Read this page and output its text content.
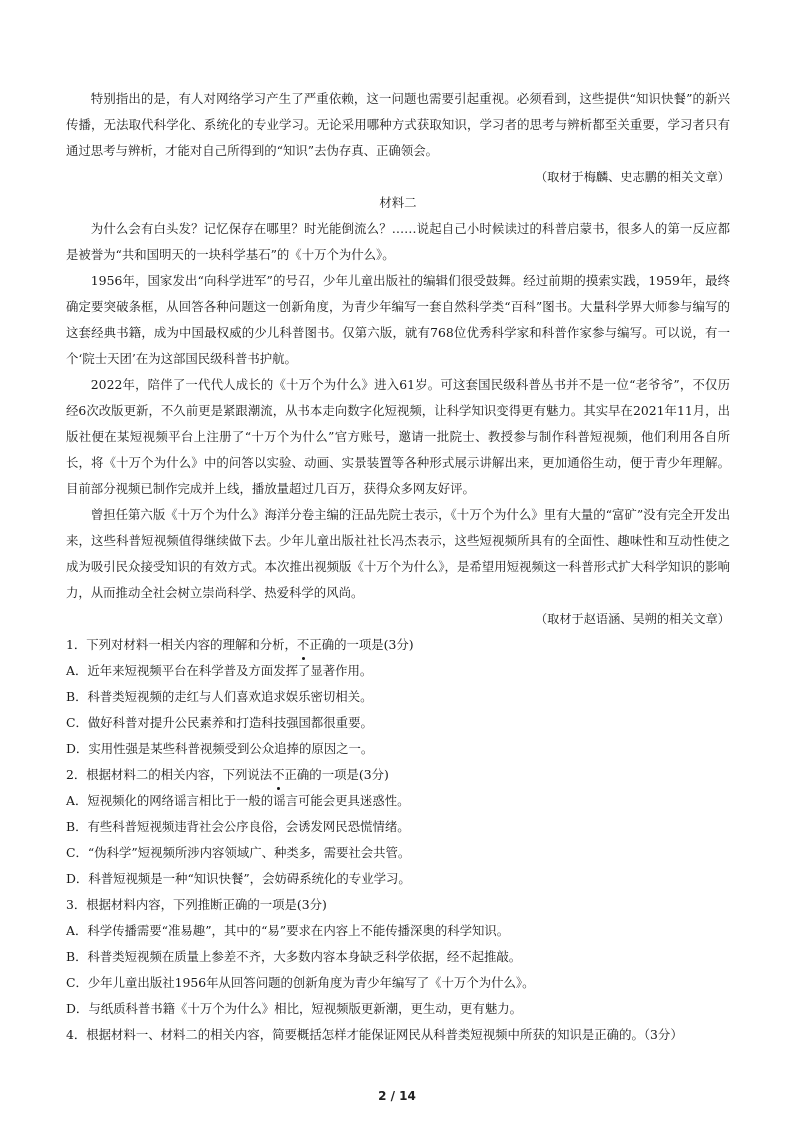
特别指出的是，有人对网络学习产生了严重依赖，这一问题也需要引起重视。必须看到，这些提供“知识快餐”的新兴传播，无法取代科学化、系统化的专业学习。无论采用哪种方式获取知识，学习者的思考与辨析都至关重要，学习者只有通过思考与辨析，才能对自己所得到的“知识”去伪存真、正确领会。

（取材于梅麟、史志鹏的相关文章）

材料二

为什么会有白头发？记忆保存在哪里？时光能倒流么？……说起自己小时候读过的科普启蒙书，很多人的第一反应都是被誉为“共和国明天的一块科学基石”的《十万个为什么》。

1956年，国家发出“向科学进军”的号召，少年儿童出版社的编辑们很受鼓舞。经过前期的摸索实践，1959年，最终确定要突破条框，从回答各种问题这一创新角度，为青少年编写一套自然科学类“百科”图书。大量科学界大师参与编写的这套经典书籍，成为中国最权威的少儿科普图书。仅第六版，就有768位优秀科学家和科普作家参与编写。可以说，有一个‘院士天团’在为这部国民级科普书护航。

2022年，陪伴了一代代人成长的《十万个为什么》进入61岁。可这套国民级科普丛书并不是一位“老爷爷”，不仅历经6次改版更新，不久前更是紧跟潮流，从书本走向数字化短视频，让科学知识变得更有魅力。其实早在2021年11月，出版社便在某短视频平台上注册了“十万个为什么”官方账号，邀请一批院士、教授参与制作科普短视频，他们利用各自所长，将《十万个为什么》中的问答以实验、动画、实景装置等各种形式展示讲解出来，更加通俗生动，便于青少年理解。目前部分视频已制作完成并上线，播放量超过几百万，获得众多网友好评。

曾担任第六版《十万个为什么》海洋分卷主编的汪品先院士表示，《十万个为什么》里有大量的“富矿”没有完全开发出来，这些科普短视频值得继续做下去。少年儿童出版社社长冯杰表示，这些短视频所具有的全面性、趣味性和互动性使之成为吸引民众接受知识的有效方式。本次推出视频版《十万个为什么》，是希望用短视频这一科普形式扩大科学知识的影响力，从而推动全社会树立崇尚科学、热爱科学的风尚。

（取材于赵语涵、吴朔的相关文章）

1．下列对材料一相关内容的理解和分析，不
正确的一项是(3分)

A．近年来短视频平台在科学普及方面发挥了显著作用。

B．科普类短视频的走红与人们喜欢追求娱乐密切相关。

C．做好科普对提升公民素养和打造科技强国都很重要。

D．实用性强是某些科普视频受到公众追捧的原因之一。

2．根据材料二的相关内容，下列说法不
正确的一项是(3分)

A．短视频化的网络谣言相比于一般的谣言可能会更具迷惑性。

B．有些科普短视频违背社会公序良俗，会诱发网民恐慌情绪。

C．“伪科学”短视频所涉内容领域广、种类多，需要社会共管。

D．科普短视频是一种“知识快餐”，会妨碍系统化的专业学习。

3．根据材料内容，下列推断正确的一项是(3分)

A．科学传播需要“准易趣”，其中的“易”要求在内容上不能传播深奥的科学知识。

B．科普类短视频在质量上参差不齐，大多数内容本身缺乏科学依据，经不起推敲。

C．少年儿童出版社1956年从回答问题的创新角度为青少年编写了《十万个为什么》。

D．与纸质科普书籍《十万个为什么》相比，短视频版更新潮，更生动，更有魅力。

4．根据材料一、材料二的相关内容，简要概括怎样才能保证网民从科普类短视频中所获的知识是正确的。（3分）

2 / 14
